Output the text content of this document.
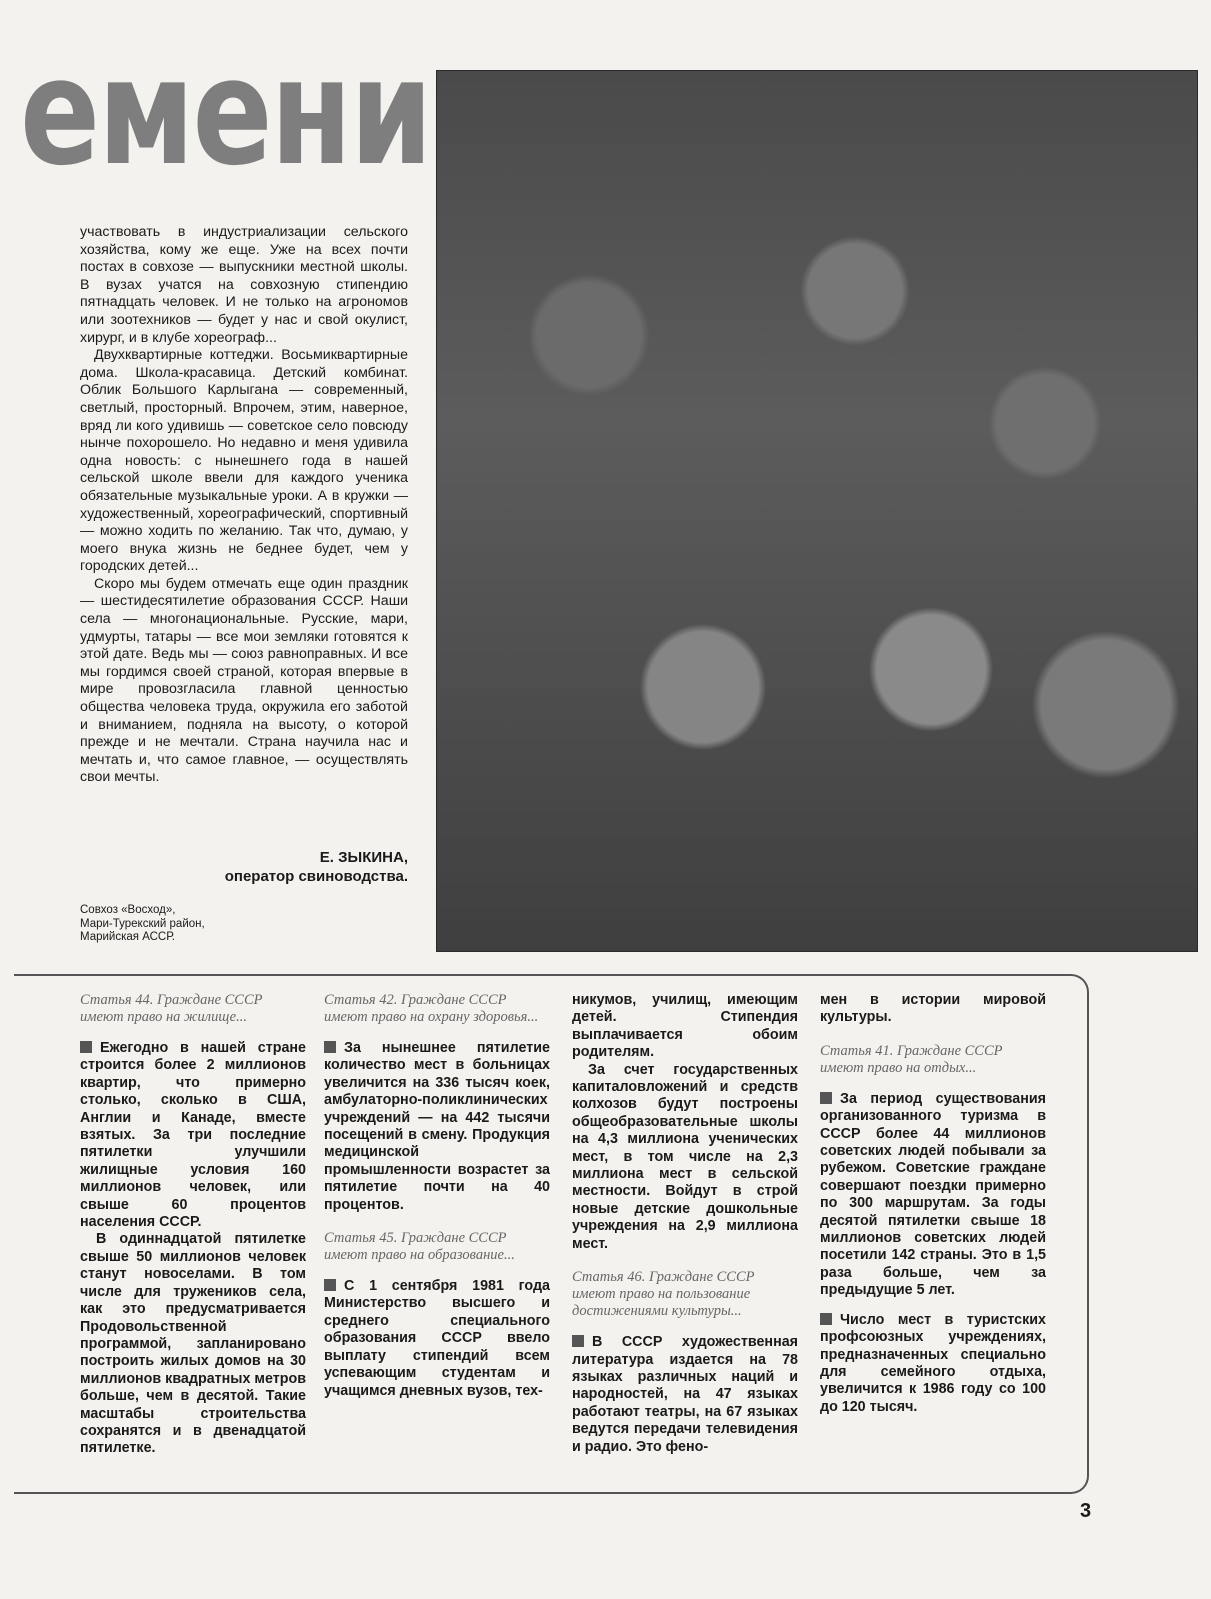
емени

участвовать в индустриализации сельского хозяйства, кому же еще. Уже на всех почти постах в совхозе — выпускники местной школы. В вузах учатся на совхозную стипендию пятнадцать человек. И не только на агрономов или зоотехников — будет у нас и свой окулист, хирург, и в клубе хореограф...

Двухквартирные коттеджи. Восьмиквартирные дома. Школа-красавица. Детский комбинат. Облик Большого Карлыгана — современный, светлый, просторный. Впрочем, этим, наверное, вряд ли кого удивишь — советское село повсюду нынче похорошело. Но недавно и меня удивила одна новость: с нынешнего года в нашей сельской школе ввели для каждого ученика обязательные музыкальные уроки. А в кружки — художественный, хореографический, спортивный — можно ходить по желанию. Так что, думаю, у моего внука жизнь не беднее будет, чем у городских детей...

Скоро мы будем отмечать еще один праздник — шестидесятилетие образования СССР. Наши села — многонациональные. Русские, мари, удмурты, татары — все мои земляки готовятся к этой дате. Ведь мы — союз равноправных. И все мы гордимся своей страной, которая впервые в мире провозгласила главной ценностью общества человека труда, окружила его заботой и вниманием, подняла на высоту, о которой прежде и не мечтали. Страна научила нас и мечтать и, что самое главное, — осуществлять свои мечты.

Е. ЗЫКИНА,
оператор свиноводства.
Совхоз «Восход»,
Мари-Турекский район,
Марийская АССР.

Статья 44. Граждане СССР имеют право на жилище...

Ежегодно в нашей стране строится более 2 миллионов квартир, что примерно столько, сколько в США, Англии и Канаде, вместе взятых. За три последние пятилетки улучшили жилищные условия 160 миллионов человек, или свыше 60 процентов населения СССР.

В одиннадцатой пятилетке свыше 50 миллионов человек станут новоселами. В том числе для тружеников села, как это предусматривается Продовольственной программой, запланировано построить жилых домов на 30 миллионов квадратных метров больше, чем в десятой. Такие масштабы строительства сохранятся и в двенадцатой пятилетке.

Статья 42. Граждане СССР имеют право на охрану здоровья...

За нынешнее пятилетие количество мест в больницах увеличится на 336 тысяч коек, амбулаторно-поликлинических учреждений — на 442 тысячи посещений в смену. Продукция медицинской промышленности возрастет за пятилетие почти на 40 процентов.

Статья 45. Граждане СССР имеют право на образование...

С 1 сентября 1981 года Министерство высшего и среднего специального образования СССР ввело выплату стипендий всем успевающим студентам и учащимся дневных вузов, тех-

никумов, училищ, имеющим детей. Стипендия выплачивается обоим родителям.

За счет государственных капиталовложений и средств колхозов будут построены общеобразовательные школы на 4,3 миллиона ученических мест, в том числе на 2,3 миллиона мест в сельской местности. Войдут в строй новые детские дошкольные учреждения на 2,9 миллиона мест.

Статья 46. Граждане СССР имеют право на пользование достижениями культуры...

В СССР художественная литература издается на 78 языках различных наций и народностей, на 47 языках работают театры, на 67 языках ведутся передачи телевидения и радио. Это фено-

мен в истории мировой культуры.

Статья 41. Граждане СССР имеют право на отдых...

За период существования организованного туризма в СССР более 44 миллионов советских людей побывали за рубежом. Советские граждане совершают поездки примерно по 300 маршрутам. За годы десятой пятилетки свыше 18 миллионов советских людей посетили 142 страны. Это в 1,5 раза больше, чем за предыдущие 5 лет.

Число мест в туристских профсоюзных учреждениях, предназначенных специально для семейного отдыха, увеличится к 1986 году со 100 до 120 тысяч.

3
